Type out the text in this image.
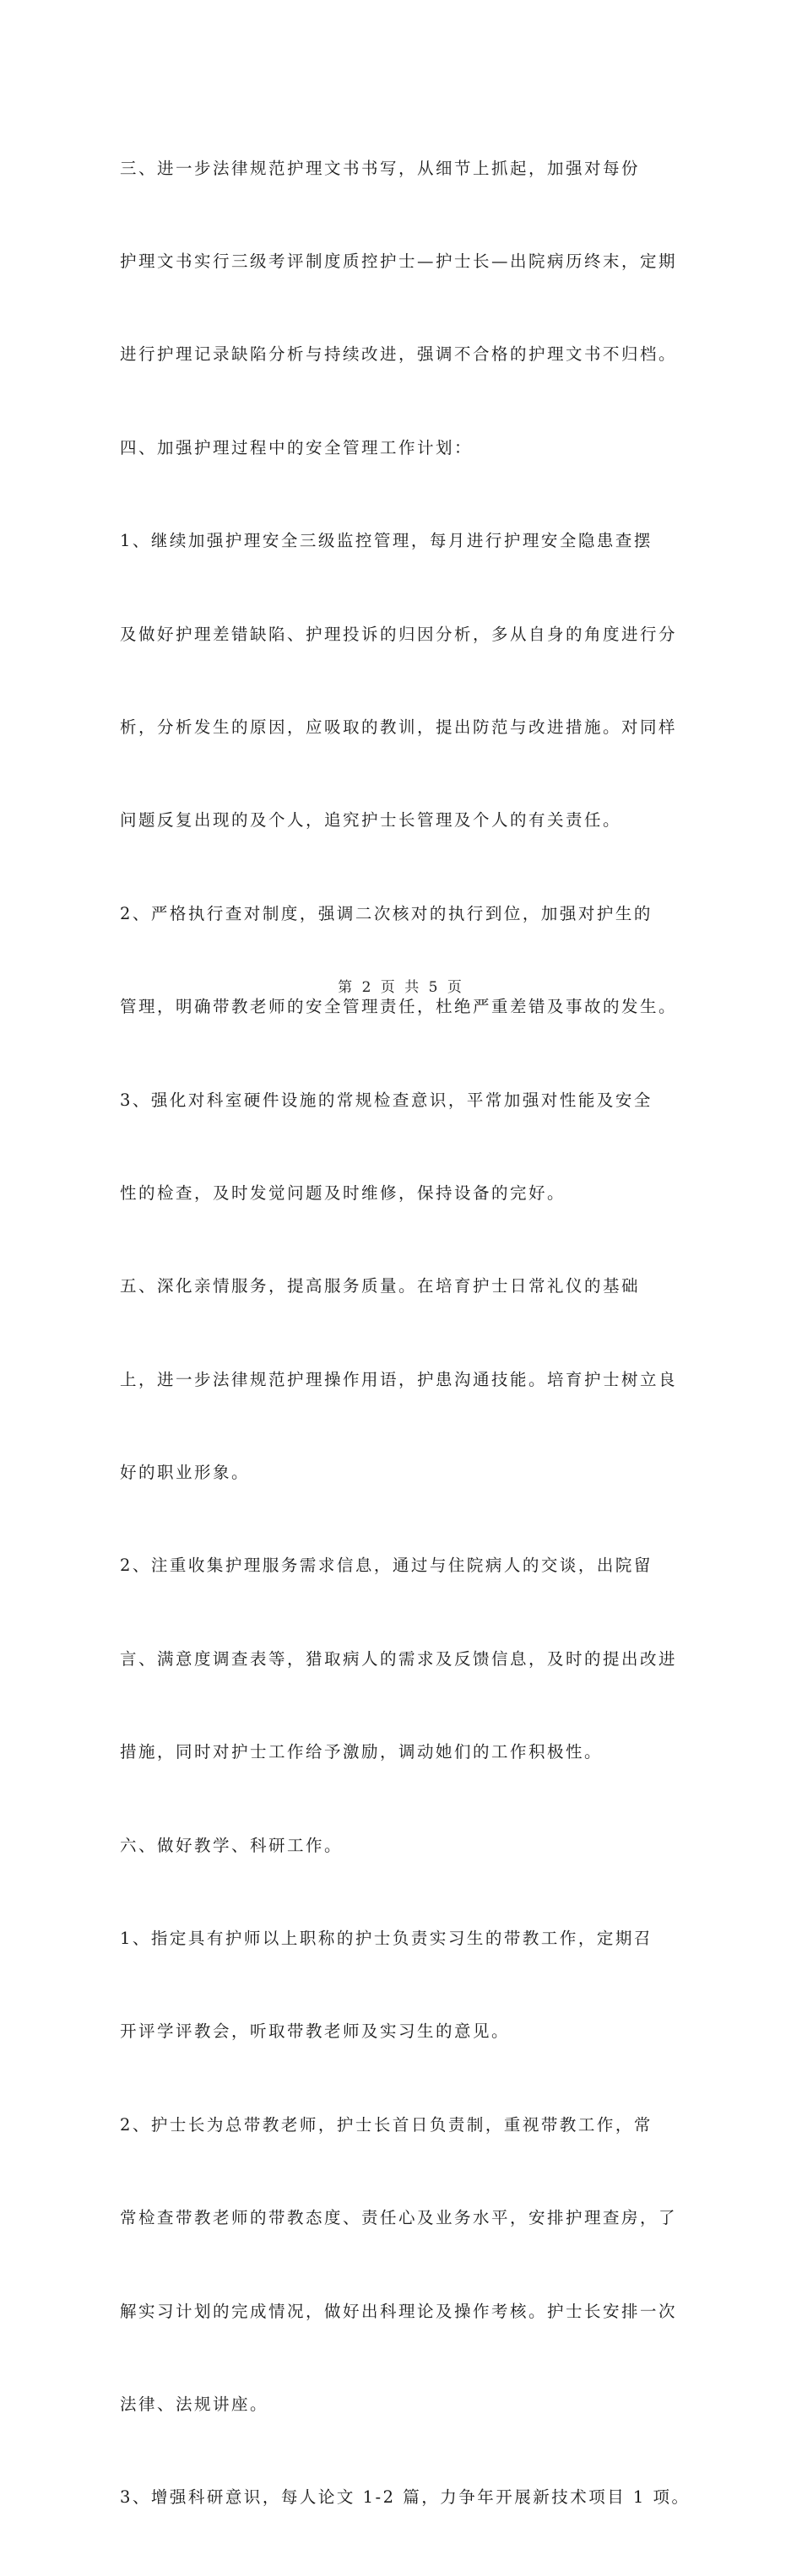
三、进一步法律规范护理文书书写，从细节上抓起，加强对每份

护理文书实行三级考评制度质控护士—护士长—出院病历终末，定期

进行护理记录缺陷分析与持续改进，强调不合格的护理文书不归档。

四、加强护理过程中的安全管理工作计划：

1、继续加强护理安全三级监控管理，每月进行护理安全隐患查摆

及做好护理差错缺陷、护理投诉的归因分析，多从自身的角度进行分

析，分析发生的原因，应吸取的教训，提出防范与改进措施。对同样

问题反复出现的及个人，追究护士长管理及个人的有关责任。

2、严格执行查对制度，强调二次核对的执行到位，加强对护生的

管理，明确带教老师的安全管理责任，杜绝严重差错及事故的发生。

3、强化对科室硬件设施的常规检查意识，平常加强对性能及安全

性的检查，及时发觉问题及时维修，保持设备的完好。

五、深化亲情服务，提高服务质量。在培育护士日常礼仪的基础

上，进一步法律规范护理操作用语，护患沟通技能。培育护士树立良

好的职业形象。

2、注重收集护理服务需求信息，通过与住院病人的交谈，出院留

言、满意度调查表等，猎取病人的需求及反馈信息，及时的提出改进

措施，同时对护士工作给予激励，调动她们的工作积极性。

六、做好教学、科研工作。

1、指定具有护师以上职称的护士负责实习生的带教工作，定期召

开评学评教会，听取带教老师及实习生的意见。

2、护士长为总带教老师，护士长首日负责制，重视带教工作，常

常检查带教老师的带教态度、责任心及业务水平，安排护理查房，了

解实习计划的完成情况，做好出科理论及操作考核。护士长安排一次

法律、法规讲座。

3、增强科研意识，每人论文 1-2 篇，力争年开展新技术项目 1 项。

第 2 页 共 5 页
